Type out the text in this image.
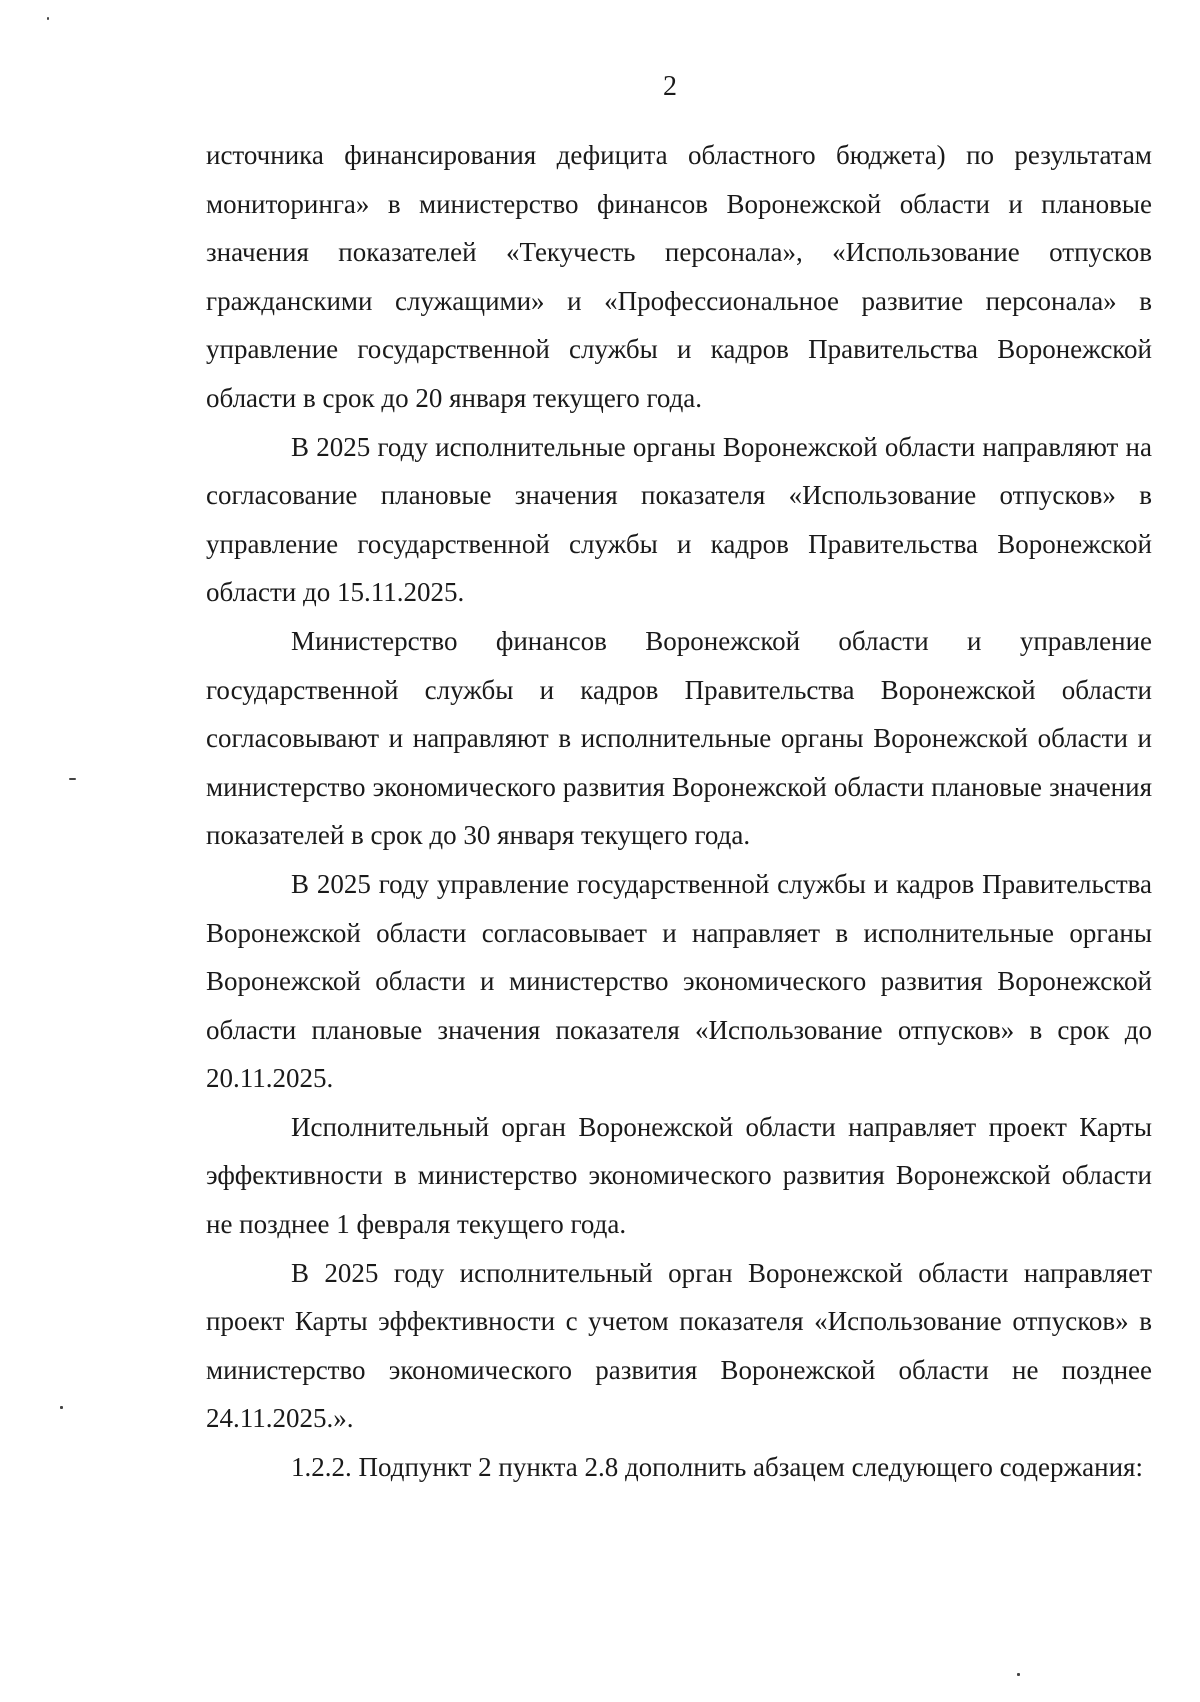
2

источника финансирования дефицита областного бюджета) по результатам мониторинга» в министерство финансов Воронежской области и плановые значения показателей «Текучесть персонала», «Использование отпусков гражданскими служащими» и «Профессиональное развитие персонала» в управление государственной службы и кадров Правительства Воронежской области в срок до 20 января текущего года.

В 2025 году исполнительные органы Воронежской области направляют на согласование плановые значения показателя «Использование отпусков» в управление государственной службы и кадров Правительства Воронежской области до 15.11.2025.

Министерство финансов Воронежской области и управление государственной службы и кадров Правительства Воронежской области согласовывают и направляют в исполнительные органы Воронежской области и министерство экономического развития Воронежской области плановые значения показателей в срок до 30 января текущего года.

В 2025 году управление государственной службы и кадров Правительства Воронежской области согласовывает и направляет в исполнительные органы Воронежской области и министерство экономического развития Воронежской области плановые значения показателя «Использование отпусков» в срок до 20.11.2025.

Исполнительный орган Воронежской области направляет проект Карты эффективности в министерство экономического развития Воронежской области не позднее 1 февраля текущего года.

В 2025 году исполнительный орган Воронежской области направляет проект Карты эффективности с учетом показателя «Использование отпусков» в министерство экономического развития Воронежской области не позднее 24.11.2025.».

1.2.2. Подпункт 2 пункта 2.8 дополнить абзацем следующего содержания:
